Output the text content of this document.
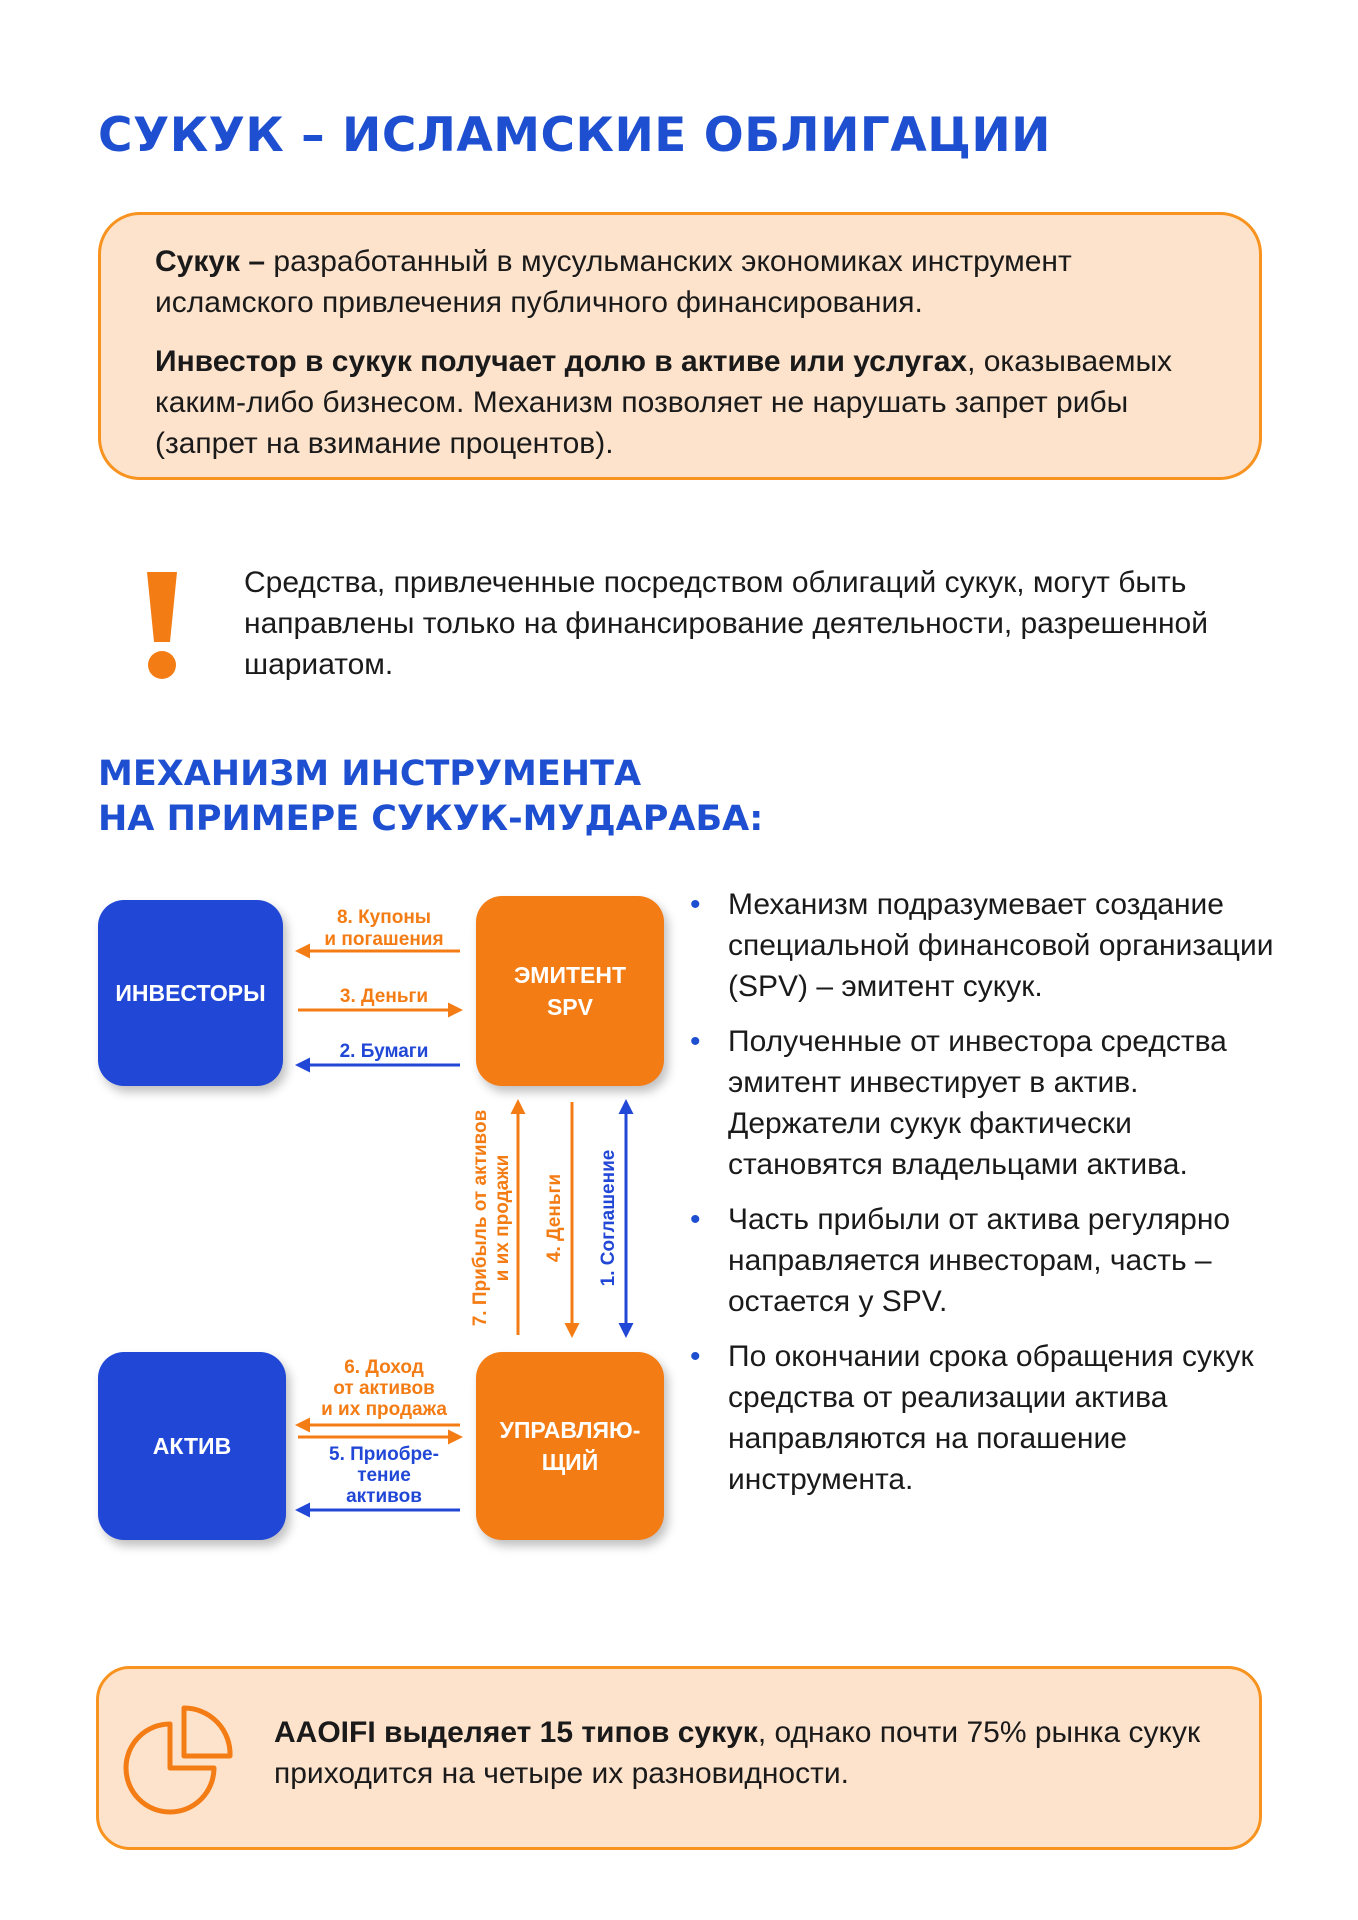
СУКУК – ИСЛАМСКИЕ ОБЛИГАЦИИ

Сукук – разработанный в мусульманских экономиках инструмент исламского привлечения публичного финансирования.

Инвестор в сукук получает долю в активе или услугах, оказываемых каким-либо бизнесом. Механизм позволяет не нарушать запрет рибы (запрет на взимание процентов).

Средства, привлеченные посредством облигаций сукук, могут быть направлены только на финансирование деятельности, разрешенной шариатом.

МЕХАНИЗМ ИНСТРУМЕНТА
НА ПРИМЕРЕ СУКУК-МУДАРАБА:
ИНВЕСТОРЫ
ЭМИТЕНТ
SPV
АКТИВ
УПРАВЛЯЮ-
ЩИЙ
8. Купоны
и погашения
3. Деньги
2. Бумаги
7. Прибыль от активов и их продажи 4. Деньги 1. Соглашение
6. Доход
от активов
и их продажа
5. Приобре-
тение
активов
• Механизм подразумевает создание специальной финансовой организации (SPV) – эмитент сукук.
• Полученные от инвестора средства эмитент инвестирует в актив. Держатели сукук фактически становятся владельцами актива.
• Часть прибыли от актива регулярно направляется инвесторам, часть – остается у SPV.
• По окончании срока обращения сукук средства от реализации актива направляются на погашение инструмента.

AAOIFI выделяет 15 типов сукук, однако почти 75% рынка сукук приходится на четыре их разновидности.
